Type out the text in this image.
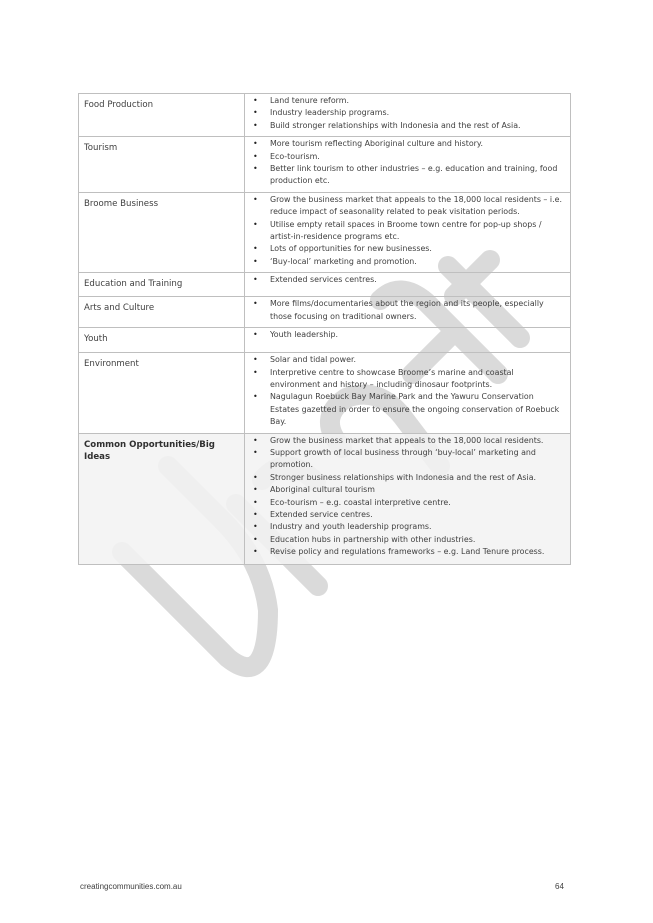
Food Production	
•Land tenure reform.
• Industry leadership programs.
• Build stronger relationships with Indonesia and the rest of Asia.

Tourism	
•More tourism reflecting Aboriginal culture and history.
• Eco-tourism.
• Better link tourism to other industries – e.g. education and training, food production etc.

Broome Business	
•Grow the business market that appeals to the 18,000 local residents – i.e. reduce impact of seasonality related to peak visitation periods.
• Utilise empty retail spaces in Broome town centre for pop-up shops / artist-in-residence programs etc.
• Lots of opportunities for new businesses.
• ‘Buy-local’ marketing and promotion.

Education and Training	
•Extended services centres.

Arts and Culture	
•More films/documentaries about the region and its people, especially those focusing on traditional owners.

Youth	
•Youth leadership.

Environment	
•Solar and tidal power.
• Interpretive centre to showcase Broome’s marine and coastal environment and history – including dinosaur footprints.
• Nagulagun Roebuck Bay Marine Park and the Yawuru Conservation Estates gazetted in order to ensure the ongoing conservation of Roebuck Bay.

Common Opportunities/Big Ideas	
• Grow the business market that appeals to the 18,000 local residents.
• Support growth of local business through ‘buy-local’ marketing and promotion.
• Stronger business relationships with Indonesia and the rest of Asia.
• Aboriginal cultural tourism
• Eco-tourism – e.g. coastal interpretive centre.
• Extended service centres.
• Industry and youth leadership programs.
• Education hubs in partnership with other industries.
• Revise policy and regulations frameworks – e.g. Land Tenure process.
creatingcommunities.com.au	64
